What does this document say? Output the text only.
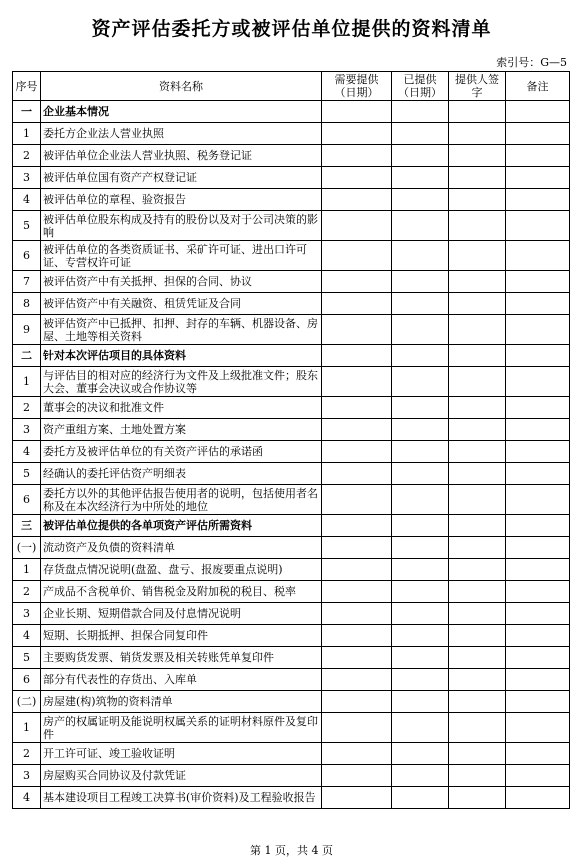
资产评估委托方或被评估单位提供的资料清单
索引号：G—5
序号	资料名称	需要提供（日期）	已提供（日期）	提供人签字	备注
一	企业基本情况				
1	委托方企业法人营业执照				
2	被评估单位企业法人营业执照、税务登记证				
3	被评估单位国有资产产权登记证				
4	被评估单位的章程、验资报告				
5	被评估单位股东构成及持有的股份以及对于公司决策的影响				
6	被评估单位的各类资质证书、采矿许可证、进出口许可证、专营权许可证				
7	被评估资产中有关抵押、担保的合同、协议				
8	被评估资产中有关融资、租赁凭证及合同				
9	被评估资产中已抵押、扣押、封存的车辆、机器设备、房屋、土地等相关资料				
二	针对本次评估项目的具体资料				
1	与评估目的相对应的经济行为文件及上级批准文件；股东大会、董事会决议或合作协议等				
2	董事会的决议和批准文件				
3	资产重组方案、土地处置方案				
4	委托方及被评估单位的有关资产评估的承诺函				
5	经确认的委托评估资产明细表				
6	委托方以外的其他评估报告使用者的说明，包括使用者名称及在本次经济行为中所处的地位				
三	被评估单位提供的各单项资产评估所需资料				
(一)	流动资产及负债的资料清单				
1	存货盘点情况说明(盘盈、盘亏、报废要重点说明)				
2	产成品不含税单价、销售税金及附加税的税目、税率				
3	企业长期、短期借款合同及付息情况说明				
4	短期、长期抵押、担保合同复印件				
5	主要购货发票、销货发票及相关转账凭单复印件				
6	部分有代表性的存货出、入库单				
(二)	房屋建(构)筑物的资料清单				
1	房产的权属证明及能说明权属关系的证明材料原件及复印件				
2	开工许可证、竣工验收证明				
3	房屋购买合同协议及付款凭证				
4	基本建设项目工程竣工决算书(审价资料)及工程验收报告				
第 1 页，共 4 页
